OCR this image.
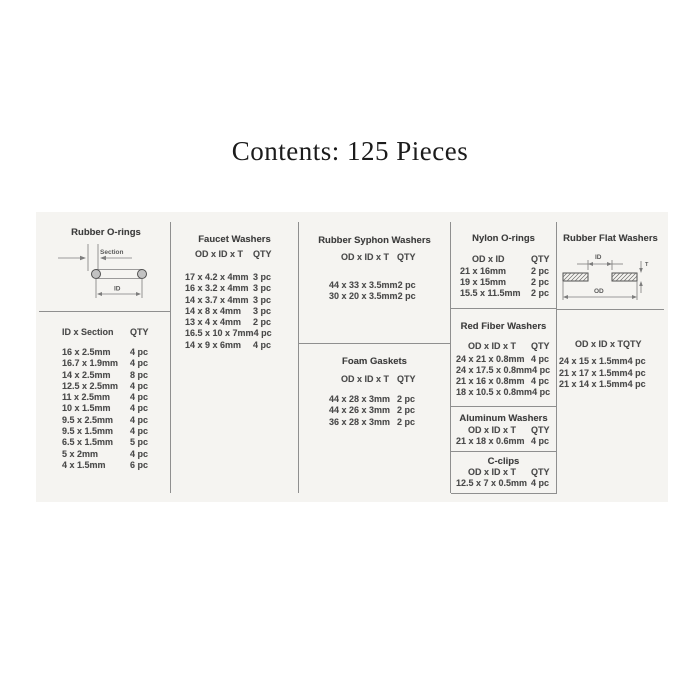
Contents: 125 Pieces
Rubber O-rings
Section
ID
ID x Section	QTY
16 x 2.5mm	4 pc
16.7 x 1.9mm	4 pc
14 x 2.5mm	8 pc
12.5 x 2.5mm	4 pc
11 x 2.5mm	4 pc
10 x 1.5mm	4 pc
9.5 x 2.5mm	4 pc
9.5 x 1.5mm	4 pc
6.5 x 1.5mm	5 pc
5 x 2mm	4 pc
4 x 1.5mm	6 pc
Faucet Washers
OD x ID x T	QTY
17 x 4.2 x 4mm 3 pc
16 x 3.2 x 4mm 3 pc
14 x 3.7 x 4mm 3 pc
14 x 8 x 4mm	3 pc
13 x 4 x 4mm	2 pc
16.5 x 10 x 7mm 4 pc
14 x 9 x 6mm	4 pc
Rubber Syphon Washers
OD x ID x T QTY
44 x 33 x 3.5mm 2 pc
30 x 20 x 3.5mm 2 pc
Foam Gaskets
OD x ID x T QTY
44 x 28 x 3mm 2 pc
44 x 26 x 3mm 2 pc
36 x 28 x 3mm 2 pc
Nylon O-rings
OD x ID	QTY
21 x 16mm	2 pc
19 x 15mm	2 pc
15.5 x 11.5mm	2 pc
Red Fiber Washers
OD x ID x T	QTY
24 x 21 x 0.8mm 4 pc
24 x 17.5 x 0.8mm 4 pc
21 x 16 x 0.8mm 4 pc
18 x 10.5 x 0.8mm 4 pc
Aluminum Washers
OD x ID x T	QTY
21 x 18 x 0.6mm 4 pc
C-clips
OD x ID x T	QTY
12.5 x 7 x 0.5mm 4 pc
Rubber Flat Washers
ID
T
OD
OD x ID x T QTY
24 x 15 x 1.5mm 4 pc
21 x 17 x 1.5mm 4 pc
21 x 14 x 1.5mm 4 pc
